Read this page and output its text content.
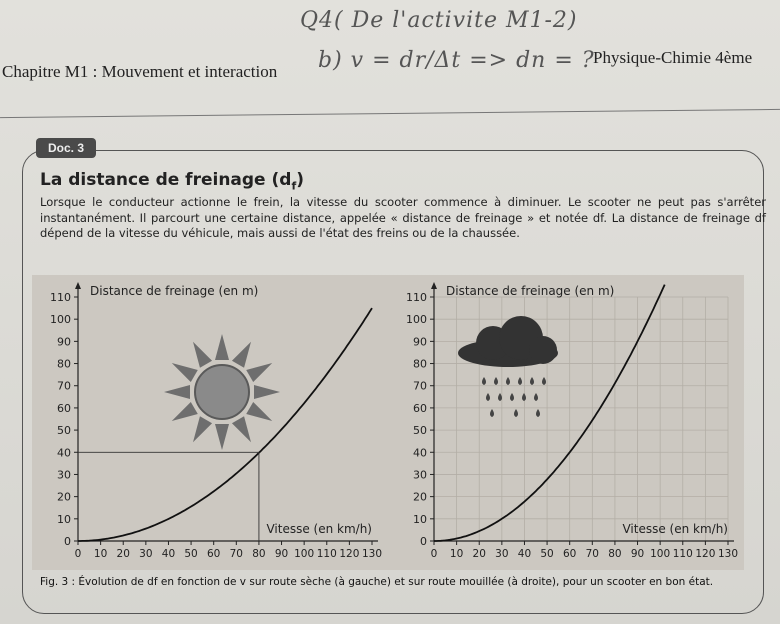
Q4( De l'activite M1-2)
b) v = dr/Δt => dn = ?
Chapitre M1 : Mouvement et interaction
Physique-Chimie 4ème
Doc. 3
La distance de freinage $(d_f)$
Lorsque le conducteur actionne le frein, la vitesse du scooter commence à diminuer. Le scooter ne peut pas s'arrêter instantanément. Il parcourt une certaine distance, appelée « distance de freinage » et notée df. La distance de freinage df dépend de la vitesse du véhicule, mais aussi de l'état des freins ou de la chaussée.
0
10
20
30
40
50
60
70
80
90
100
110
0 10 20 30 40 50 60 70 80 90 100 110 120 130
Distance de freinage (en m)
Vitesse (en km/h)
0
10
20
30
40
50
60
70
80
90
100
110
0 10 20 30 40 50 60 70 80 90 100 110 120 130
Distance de freinage (en m)
Vitesse (en km/h)
Fig. 3 : Évolution de df en fonction de v sur route sèche (à gauche) et sur route mouillée (à droite), pour un scooter en bon état.
